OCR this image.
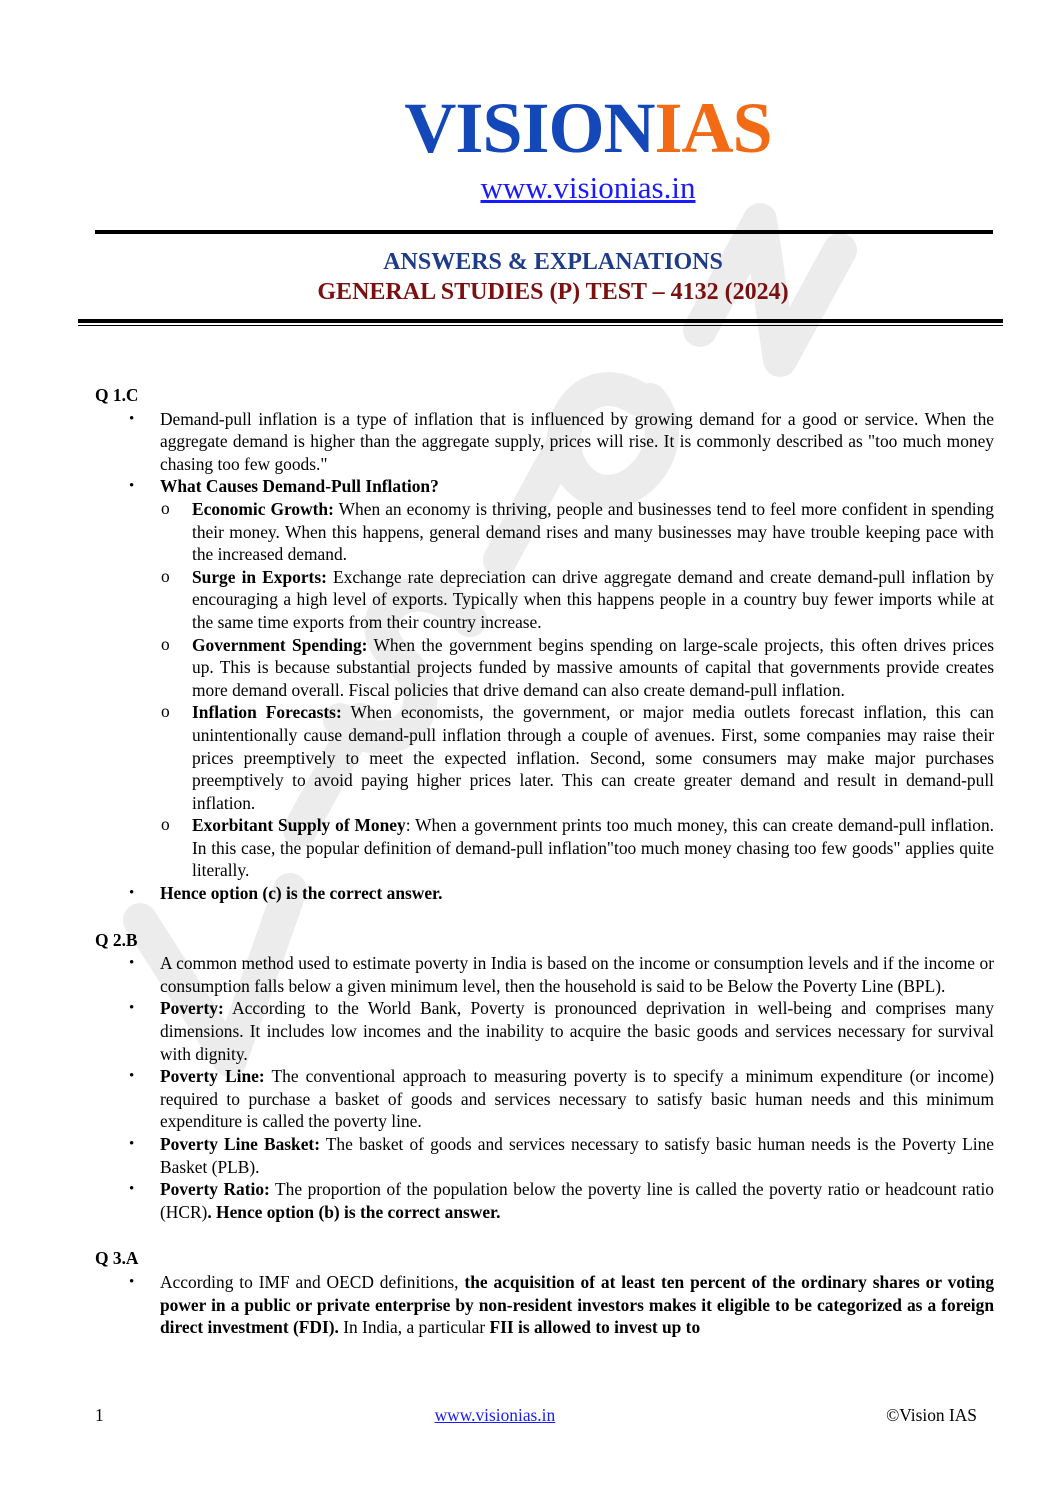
VISIONIAS
www.visionias.in
ANSWERS & EXPLANATIONS
GENERAL STUDIES (P) TEST – 4132 (2024)
Q 1.C
• Demand-pull inflation is a type of inflation that is influenced by growing demand for a good or service. When the aggregate demand is higher than the aggregate supply, prices will rise. It is commonly described as "too much money chasing too few goods."
• What Causes Demand-Pull Inflation?
o Economic Growth: When an economy is thriving, people and businesses tend to feel more confident in spending their money. When this happens, general demand rises and many businesses may have trouble keeping pace with the increased demand.
o Surge in Exports: Exchange rate depreciation can drive aggregate demand and create demand-pull inflation by encouraging a high level of exports. Typically when this happens people in a country buy fewer imports while at the same time exports from their country increase.
o Government Spending: When the government begins spending on large-scale projects, this often drives prices up. This is because substantial projects funded by massive amounts of capital that governments provide creates more demand overall. Fiscal policies that drive demand can also create demand-pull inflation.
o Inflation Forecasts: When economists, the government, or major media outlets forecast inflation, this can unintentionally cause demand-pull inflation through a couple of avenues. First, some companies may raise their prices preemptively to meet the expected inflation. Second, some consumers may make major purchases preemptively to avoid paying higher prices later. This can create greater demand and result in demand-pull inflation.
o Exorbitant Supply of Money: When a government prints too much money, this can create demand-pull inflation. In this case, the popular definition of demand-pull inflation"too much money chasing too few goods" applies quite literally.
• Hence option (c) is the correct answer.
Q 2.B
• A common method used to estimate poverty in India is based on the income or consumption levels and if the income or consumption falls below a given minimum level, then the household is said to be Below the Poverty Line (BPL).
• Poverty: According to the World Bank, Poverty is pronounced deprivation in well-being and comprises many dimensions. It includes low incomes and the inability to acquire the basic goods and services necessary for survival with dignity.
• Poverty Line: The conventional approach to measuring poverty is to specify a minimum expenditure (or income) required to purchase a basket of goods and services necessary to satisfy basic human needs and this minimum expenditure is called the poverty line.
• Poverty Line Basket: The basket of goods and services necessary to satisfy basic human needs is the Poverty Line Basket (PLB).
• Poverty Ratio: The proportion of the population below the poverty line is called the poverty ratio or headcount ratio (HCR). Hence option (b) is the correct answer.
Q 3.A
• According to IMF and OECD definitions, the acquisition of at least ten percent of the ordinary shares or voting power in a public or private enterprise by non-resident investors makes it eligible to be categorized as a foreign direct investment (FDI). In India, a particular FII is allowed to invest up to
1	www.visionias.in	©Vision IAS
